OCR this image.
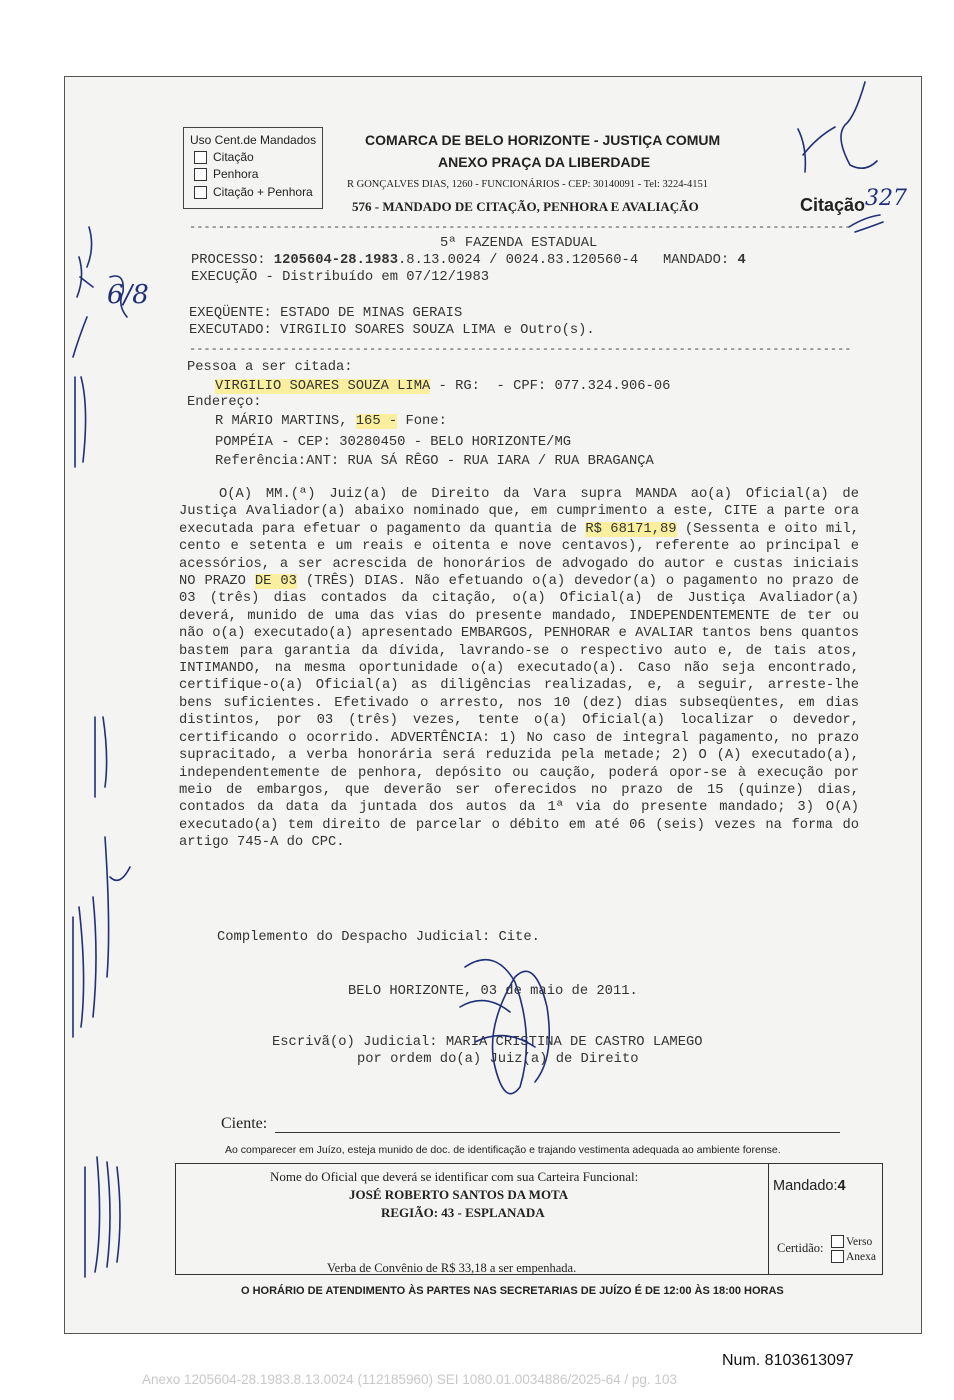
Uso Cent.de Mandados
Citação
Penhora
Citação + Penhora
COMARCA DE BELO HORIZONTE - JUSTIÇA COMUM
ANEXO PRAÇA DA LIBERDADE
R GONÇALVES DIAS, 1260 - FUNCIONÁRIOS - CEP: 30140091 - Tel: 3224-4151
576 - MANDADO DE CITAÇÃO, PENHORA E AVALIAÇÃO	Citação
--------------------------------------------------------------------------------------------
5ª FAZENDA ESTADUAL
PROCESSO: 1205604-28.1983.8.13.0024 / 0024.83.120560-4 MANDADO: 4
EXECUÇÃO - Distribuído em 07/12/1983
EXEQÜENTE: ESTADO DE MINAS GERAIS
EXECUTADO: VIRGILIO SOARES SOUZA LIMA e Outro(s).
--------------------------------------------------------------------------------------------
Pessoa a ser citada:
VIRGILIO SOARES SOUZA LIMA - RG:  - CPF: 077.324.906-06
Endereço:
R MÁRIO MARTINS, 165 - Fone:
POMPÉIA - CEP: 30280450 - BELO HORIZONTE/MG
Referência:ANT: RUA SÁ RÊGO - RUA IARA / RUA BRAGANÇA
O(A) MM.(ª) Juiz(a) de Direito da Vara supra MANDA ao(a) Oficial(a) de Justiça Avaliador(a) abaixo nominado que, em cumprimento a este, CITE a parte ora executada para efetuar o pagamento da quantia de R$ 68171,89 (Sessenta e oito mil, cento e setenta e um reais e oitenta e nove centavos), referente ao principal e acessórios, a ser acrescida de honorários de advogado do autor e custas iniciais NO PRAZO DE 03 (TRÊS) DIAS. Não efetuando o(a) devedor(a) o pagamento no prazo de 03 (três) dias contados da citação, o(a) Oficial(a) de Justiça Avaliador(a) deverá, munido de uma das vias do presente mandado, INDEPENDENTEMENTE de ter ou não o(a) executado(a) apresentado EMBARGOS, PENHORAR e AVALIAR tantos bens quantos bastem para garantia da dívida, lavrando-se o respectivo auto e, de tais atos, INTIMANDO, na mesma oportunidade o(a) executado(a). Caso não seja encontrado, certifique-o(a) Oficial(a) as diligências realizadas, e, a seguir, arreste-lhe bens suficientes. Efetivado o arresto, nos 10 (dez) dias subseqüentes, em dias distintos, por 03 (três) vezes, tente o(a) Oficial(a) localizar o devedor, certificando o ocorrido. ADVERTÊNCIA: 1) No caso de integral pagamento, no prazo supracitado, a verba honorária será reduzida pela metade; 2) O (A) executado(a), independentemente de penhora, depósito ou caução, poderá opor-se à execução por meio de embargos, que deverão ser oferecidos no prazo de 15 (quinze) dias, contados da data da juntada dos autos da 1ª via do presente mandado; 3) O(A) executado(a) tem direito de parcelar o débito em até 06 (seis) vezes na forma do artigo 745-A do CPC.
Complemento do Despacho Judicial: Cite.
BELO HORIZONTE, 03 de maio de 2011.
Escrivã(o) Judicial: MARIA CRISTINA DE CASTRO LAMEGO
por ordem do(a) Juiz(a) de Direito
Ciente:
Ao comparecer em Juízo, esteja munido de doc. de identificação e trajando vestimenta adequada ao ambiente forense.
Nome do Oficial que deverá se identificar com sua Carteira Funcional:
JOSÉ ROBERTO SANTOS DA MOTA
REGIÃO: 43 - ESPLANADA
Verba de Convênio de R$ 33,18 a ser empenhada.
Mandado:4
Certidão: Verso
Anexa
O HORÁRIO DE ATENDIMENTO ÀS PARTES NAS SECRETARIAS DE JUÍZO É DE 12:00 ÀS 18:00 HORAS
327
6/8
Num. 8103613097
Anexo 1205604-28.1983.8.13.0024 (112185960) SEI 1080.01.0034886/2025-64 / pg. 103
